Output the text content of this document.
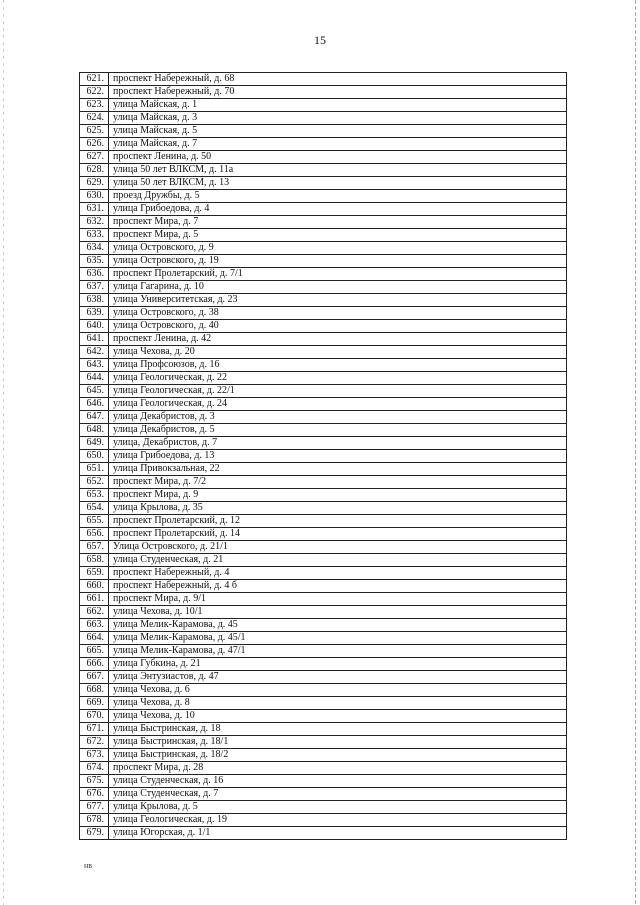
15
621.	проспект Набережный, д. 68
622.	проспект Набережный, д. 70
623.	улица Майская, д. 1
624.	улица Майская, д. 3
625.	улица Майская, д. 5
626.	улица Майская, д. 7
627.	проспект Ленина, д. 50
628.	улица 50 лет ВЛКСМ, д. 11а
629.	улица 50 лет ВЛКСМ, д. 13
630.	проезд Дружбы, д. 5
631.	улица Грибоедова, д. 4
632.	проспект Мира, д. 7
633.	проспект Мира, д. 5
634.	улица Островского, д. 9
635.	улица Островского, д. 19
636.	проспект Пролетарский, д. 7/1
637.	улица Гагарина, д. 10
638.	улица Университетская, д. 23
639.	улица Островского, д. 38
640.	улица Островского, д. 40
641.	проспект Ленина, д. 42
642.	улица Чехова, д. 20
643.	улица Профсоюзов, д. 16
644.	улица Геологическая, д. 22
645.	улица Геологическая, д. 22/1
646.	улица Геологическая, д. 24
647.	улица Декабристов, д. 3
648.	улица Декабристов, д. 5
649.	улица, Декабристов, д. 7
650.	улица Грибоедова, д. 13
651.	улица Привокзальная, 22
652.	проспект Мира, д. 7/2
653.	проспект Мира, д. 9
654.	улица Крылова, д. 35
655.	проспект Пролетарский, д. 12
656.	проспект Пролетарский, д. 14
657.	Улица Островского, д. 21/1
658.	улица Студенческая, д. 21
659.	проспект Набережный, д. 4
660.	проспект Набережный, д. 4 б
661.	проспект Мира, д. 9/1
662.	улица Чехова, д. 10/1
663.	улица Мелик-Карамова, д. 45
664.	улица Мелик-Карамова, д. 45/1
665.	улица Мелик-Карамова, д. 47/1
666.	улица Губкина, д. 21
667.	улица Энтузиастов, д. 47
668.	улица Чехова, д. 6
669.	улица Чехова, д. 8
670.	улица Чехова, д. 10
671.	улица Быстринская, д. 18
672.	улица Быстринская, д. 18/1
673.	улица Быстринская, д. 18/2
674.	проспект Мира, д. 28
675.	улица Студенческая, д. 16
676.	улица Студенческая, д. 7
677.	улица Крылова, д. 5
678.	улица Геологическая, д. 19
679.	улица Югорская, д. 1/1
нв
